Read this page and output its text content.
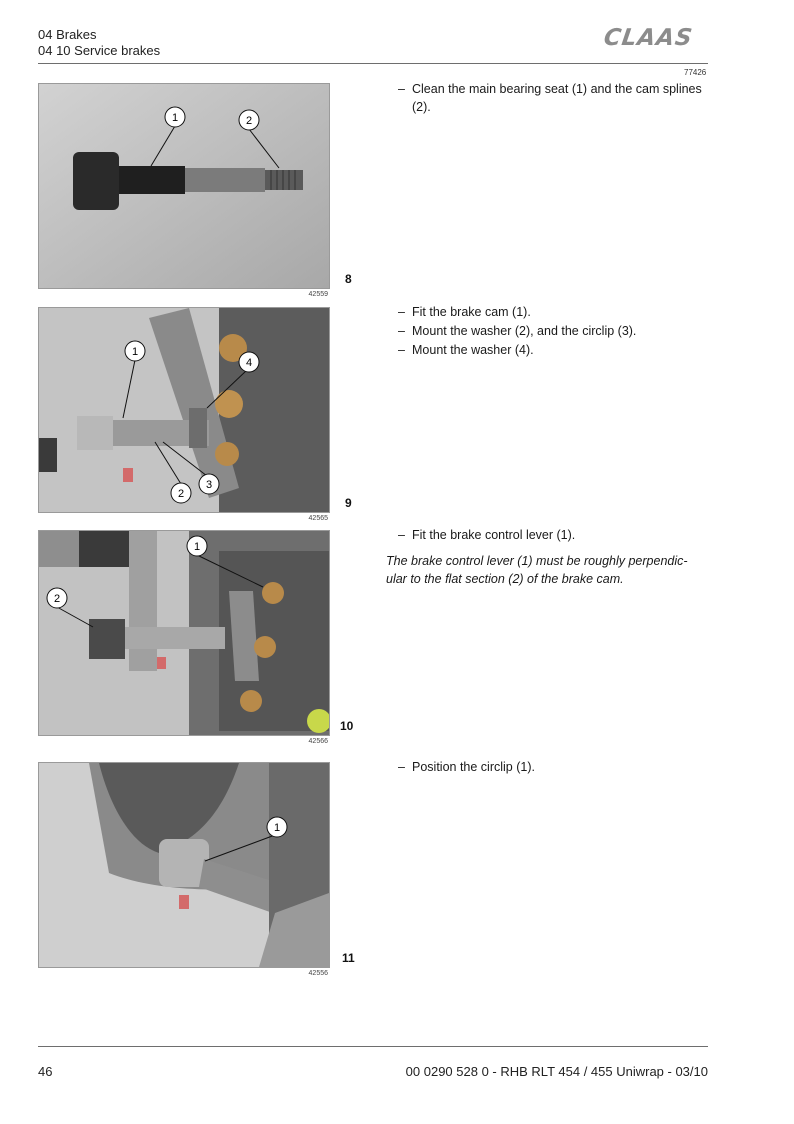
04 Brakes
04 10 Service brakes	CLAAS
77426
1	2
42559
8
– Clean the main bearing seat (1) and the cam splines (2).
1
2
3
4
42565
9
– Fit the brake cam (1).
– Mount the washer (2), and the circlip (3).
– Mount the washer (4).
1
2
42566
10
– Fit the brake control lever (1).
The brake control lever (1) must be roughly perpendic-ular to the flat section (2) of the brake cam.
1
42556
11
– Position the circlip (1).
46	00 0290 528 0 - RHB RLT 454 / 455 Uniwrap - 03/10
